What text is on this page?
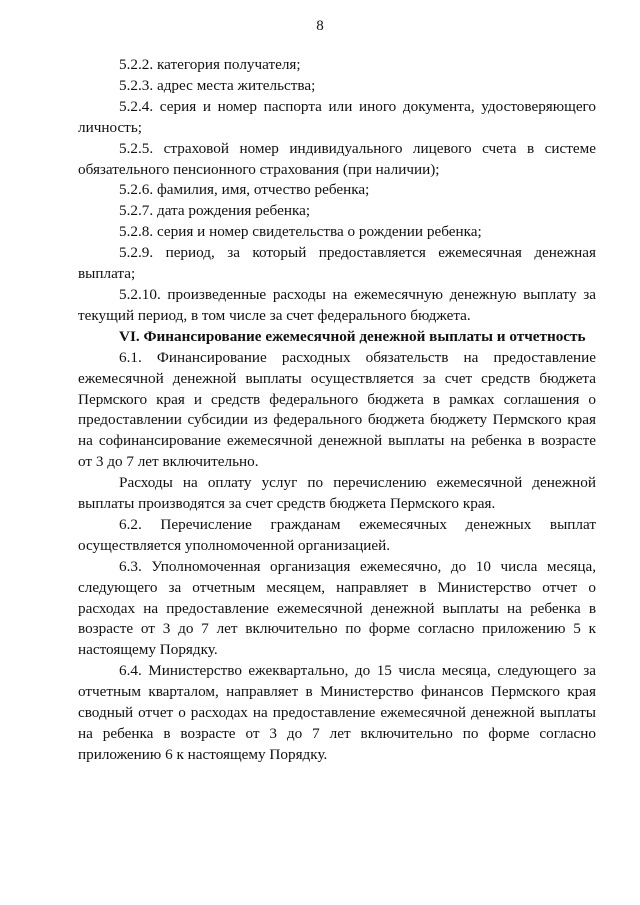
8

5.2.2. категория получателя;

5.2.3. адрес места жительства;

5.2.4. серия и номер паспорта или иного документа, удостоверяющего личность;

5.2.5. страховой номер индивидуального лицевого счета в системе обязательного пенсионного страхования (при наличии);

5.2.6. фамилия, имя, отчество ребенка;

5.2.7. дата рождения ребенка;

5.2.8. серия и номер свидетельства о рождении ребенка;

5.2.9. период, за который предоставляется ежемесячная денежная выплата;

5.2.10. произведенные расходы на ежемесячную денежную выплату за текущий период, в том числе за счет федерального бюджета.

VI. Финансирование ежемесячной денежной выплаты и отчетность

6.1. Финансирование расходных обязательств на предоставление ежемесячной денежной выплаты осуществляется за счет средств бюджета Пермского края и средств федерального бюджета в рамках соглашения о предоставлении субсидии из федерального бюджета бюджету Пермского края на софинансирование ежемесячной денежной выплаты на ребенка в возрасте от 3 до 7 лет включительно.

Расходы на оплату услуг по перечислению ежемесячной денежной выплаты производятся за счет средств бюджета Пермского края.

6.2. Перечисление гражданам ежемесячных денежных выплат осуществляется уполномоченной организацией.

6.3. Уполномоченная организация ежемесячно, до 10 числа месяца, следующего за отчетным месяцем, направляет в Министерство отчет о расходах на предоставление ежемесячной денежной выплаты на ребенка в возрасте от 3 до 7 лет включительно по форме согласно приложению 5 к настоящему Порядку.

6.4. Министерство ежеквартально, до 15 числа месяца, следующего за отчетным кварталом, направляет в Министерство финансов Пермского края сводный отчет о расходах на предоставление ежемесячной денежной выплаты на ребенка в возрасте от 3 до 7 лет включительно по форме согласно приложению 6 к настоящему Порядку.
